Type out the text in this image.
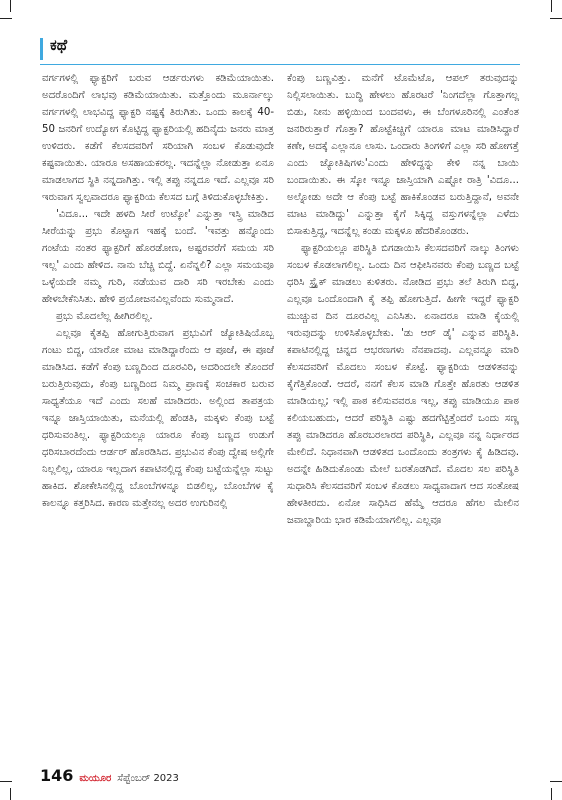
ಕಥೆ

ವರ್ಗಗಳಲ್ಲಿ ಫ್ಯಾಕ್ಟರಿಗೆ ಬರುವ ಆರ್ಡರುಗಳು ಕಡಿಮೆಯಾಯಿತು. ಅದರೊಂದಿಗೆ ಲಾಭವು ಕಡಿಮೆಯಾಯಿತು. ಮತ್ತೊಂದು ಮೂರ್ನಾಲ್ಕು ವರ್ಗಗಳಲ್ಲಿ ಲಾಭವಿದ್ದ ಫ್ಯಾಕ್ಟರಿ ನಷ್ಟಕ್ಕೆ ತಿರುಗಿತು. ಒಂದು ಕಾಲಕ್ಕೆ 40-50 ಜನರಿಗೆ ಉದ್ಯೋಗ ಕೊಟ್ಟಿದ್ದ ಫ್ಯಾಕ್ಟರಿಯಲ್ಲಿ ಹದಿನೈದು ಜನರು ಮಾತ್ರ ಉಳಿದರು. ಕಡೆಗೆ ಕೆಲಸದವರಿಗೆ ಸರಿಯಾಗಿ ಸಂಬಳ ಕೊಡುವುದೇ ಕಷ್ಟವಾಯಿತು. ಯಾರೂ ಅಸಹಾಯಕರಲ್ಲ. ಇದನ್ನೆಲ್ಲಾ ನೋಡುತ್ತಾ ಏನೂ ಮಾಡಲಾಗದ ಸ್ಥಿತಿ ನನ್ನದಾಗಿತ್ತು. ಇಲ್ಲಿ ತಪ್ಪು ನನ್ನದೂ ಇದೆ. ಎಲ್ಲವೂ ಸರಿ ಇರುವಾಗ ಸ್ವಲ್ಪವಾದರೂ ಫ್ಯಾಕ್ಟರಿಯ ಕೆಲಸದ ಬಗ್ಗೆ ತಿಳಿದುಕೊಳ್ಳಬೇಕಿತ್ತು.

'ವಿದೂ... ಇದೇ ಹಳದಿ ಸೀರೆ ಉಟ್ಕೋ' ಎನ್ನುತ್ತಾ ಇಸ್ತ್ರಿ ಮಾಡಿದ ಸೀರೆಯನ್ನು ಪ್ರಭು ಕೊಟ್ಟಾಗ ಇಹಕ್ಕೆ ಬಂದೆ. 'ಇವತ್ತು ಹನ್ನೊಂದು ಗಂಟೆಯ ನಂತರ ಫ್ಯಾಕ್ಟರಿಗೆ ಹೊರಡೋಣ, ಅಷ್ಟರವರೆಗೆ ಸಮಯ ಸರಿ ಇಲ್ಲ' ಎಂದು ಹೇಳಿದ. ನಾನು ಬೆಚ್ಚಿ ಬಿದ್ದೆ. ಏನೆನ್ನಲಿ? ಎಲ್ಲಾ ಸಮಯವೂ ಒಳ್ಳೆಯದೇ ನಮ್ಮ ಗುರಿ, ನಡೆಯುವ ದಾರಿ ಸರಿ ಇರಬೇಕು ಎಂದು ಹೇಳಬೇಕೆನಿಸಿತು. ಹೇಳಿ ಪ್ರಯೋಜನವಿಲ್ಲವೆಂದು ಸುಮ್ಮನಾದೆ.

ಪ್ರಭು ಮೊದಲೆಲ್ಲ ಹೀಗಿರಲಿಲ್ಲ.

ಎಲ್ಲವೂ ಕೈತಪ್ಪಿ ಹೋಗುತ್ತಿರುವಾಗ ಪ್ರಭುವಿಗೆ ಜ್ಯೋತಿಷಿಯೊಬ್ಬ ಗಂಟು ಬಿದ್ದ, ಯಾರೋ ಮಾಟ ಮಾಡಿದ್ದಾರೆಂದು ಆ ಪೂಜೆ, ಈ ಪೂಜೆ ಮಾಡಿಸಿದ. ಕಡೆಗೆ ಕೆಂಪು ಬಣ್ಣದಿಂದ ದೂರವಿರಿ, ಅದರಿಂದಲೇ ತೊಂದರೆ ಬರುತ್ತಿರುವುದು, ಕೆಂಪು ಬಣ್ಣದಿಂದ ನಿಮ್ಮ ಪ್ರಾಣಕ್ಕೆ ಸಂಚಕಾರ ಬರುವ ಸಾಧ್ಯತೆಯೂ ಇದೆ ಎಂದು ಸಲಹೆ ಮಾಡಿದರು. ಅಲ್ಲಿಂದ ತಾಪತ್ರಯ ಇನ್ನೂ ಜಾಸ್ತಿಯಾಯಿತು, ಮನೆಯಲ್ಲಿ ಹೆಂಡತಿ, ಮಕ್ಕಳು ಕೆಂಪು ಬಟ್ಟೆ ಧರಿಸುವಂತಿಲ್ಲ. ಫ್ಯಾಕ್ಟರಿಯಲ್ಲೂ ಯಾರೂ ಕೆಂಪು ಬಣ್ಣದ ಉಡುಗೆ ಧರಿಸಬಾರದೆಂದು ಆರ್ಡರ್ ಹೊರಡಿಸಿದ. ಪ್ರಭುವಿನ ಕೆಂಪು ದ್ವೇಷ ಅಲ್ಲಿಗೇ ನಿಲ್ಲಲಿಲ್ಲ, ಯಾರೂ ಇಲ್ಲದಾಗ ಕಪಾಟಿನಲ್ಲಿದ್ದ ಕೆಂಪು ಬಟ್ಟೆಯನ್ನೆಲ್ಲಾ ಸುಟ್ಟು ಹಾಕಿದ. ಶೋಕೇಸಿನಲ್ಲಿದ್ದ ಬೊಂಬೆಗಳನ್ನೂ ಬಿಡಲಿಲ್ಲ, ಬೊಂಬೆಗಳ ಕೈ ಕಾಲನ್ನೂ ಕತ್ತರಿಸಿದ. ಕಾರಣ ಮತ್ತೇನಲ್ಲ ಅದರ ಉಗುರಿನಲ್ಲಿ

ಕೆಂಪು ಬಣ್ಣವಿತ್ತು. ಮನೆಗೆ ಟೊಮೆಟೊ, ಆಪಲ್ ತರುವುದನ್ನು ನಿಲ್ಲಿಸಲಾಯಿತು. ಬುದ್ಧಿ ಹೇಳಲು ಹೊರಟರೆ 'ನಿಂಗದೆಲ್ಲಾ ಗೊತ್ತಾಗಲ್ಲ ಬಿಡು, ನೀನು ಹಳ್ಳಿಯಿಂದ ಬಂದವಳು, ಈ ಬೆಂಗಳೂರಿನಲ್ಲಿ ಎಂತೆಂತ ಜನರಿರುತ್ತಾರೆ ಗೊತ್ತಾ? ಹೊಟ್ಟೆಕಿಚ್ಚಿಗೆ ಯಾರೂ ಮಾಟ ಮಾಡಿಸಿದ್ದಾರೆ ಕಣೇ, ಅದಕ್ಕೆ ಎಲ್ಲಾನೂ ಲಾಸು. ಒಂದಾರು ತಿಂಗಳಿಗೆ ಎಲ್ಲಾ ಸರಿ ಹೋಗತ್ತೆ ಎಂದು ಜ್ಯೋತಿಷಿಗಳು'ಎಂದು ಹೇಳಿದ್ದನ್ನು ಕೇಳಿ ನನ್ನ ಬಾಯಿ ಬಂದಾಯಿತು. ಈ ಸ್ಕೋ ಇನ್ನೂ ಜಾಸ್ತಿಯಾಗಿ ಎಷ್ಟೋ ರಾತ್ರಿ 'ವಿದೂ... ಅಲ್ನೋಡು ಅದೇ ಆ ಕೆಂಪು ಬಟ್ಟೆ ಹಾಕಿಕೊಂಡವ ಬರುತ್ತಿದ್ದಾನೆ, ಅವನೇ ಮಾಟ ಮಾಡಿದ್ದು' ಎನ್ನುತ್ತಾ ಕೈಗೆ ಸಿಕ್ಕಿದ್ದ ವಸ್ತುಗಳನ್ನೆಲ್ಲಾ ಎಳೆದು ಬಿಸಾಕುತ್ತಿದ್ದ, ಇದನ್ನೆಲ್ಲ ಕಂಡು ಮಕ್ಕಳೂ ಹೆದರಿಕೊಂಡರು.

ಫ್ಯಾಕ್ಟರಿಯಲ್ಲೂ ಪರಿಸ್ಥಿತಿ ಬಿಗಡಾಯಿಸಿ ಕೆಲಸದವರಿಗೆ ನಾಲ್ಕು ತಿಂಗಳು ಸಂಬಳ ಕೊಡಲಾಗಲಿಲ್ಲ. ಒಂದು ದಿನ ಆಫೀಸಿನವರು ಕೆಂಪು ಬಣ್ಣದ ಬಟ್ಟೆ ಧರಿಸಿ ಸ್ಟ್ರೈಕ್ ಮಾಡಲು ಕುಳಿತರು. ನೋಡಿದ ಪ್ರಭು ತಲೆ ತಿರುಗಿ ಬಿದ್ದ, ಎಲ್ಲವೂ ಒಂದೊಂದಾಗಿ ಕೈ ತಪ್ಪಿ ಹೋಗುತ್ತಿದೆ. ಹೀಗೇ ಇದ್ದರೆ ಫ್ಯಾಕ್ಟರಿ ಮುಚ್ಚುವ ದಿನ ದೂರವಿಲ್ಲ ಎನಿಸಿತು. ಏನಾದರೂ ಮಾಡಿ ಕೈಯಲ್ಲಿ ಇರುವುದನ್ನು ಉಳಿಸಿಕೊಳ್ಳಬೇಕು. 'ಡು ಆರ್ ಡೈ' ಎನ್ನುವ ಪರಿಸ್ಥಿತಿ. ಕಪಾಟಿನಲ್ಲಿದ್ದ ಚಿನ್ನದ ಆಭರಣಗಳು ನೆನಪಾದವು. ಎಲ್ಲವನ್ನೂ ಮಾರಿ ಕೆಲಸದವರಿಗೆ ಮೊದಲು ಸಂಬಳ ಕೊಟ್ಟೆ. ಫ್ಯಾಕ್ಟರಿಯ ಆಡಳಿತವನ್ನು ಕೈಗೆತ್ತಿಕೊಂಡೆ. ಆದರೆ, ನನಗೆ ಕೆಲಸ ಮಾಡಿ ಗೊತ್ತೇ ಹೊರತು ಆಡಳಿತ ಮಾಡಿಯಲ್ಲ; ಇಲ್ಲಿ ಪಾಠ ಕಲಿಸುವವರೂ ಇಲ್ಲ, ತಪ್ಪು ಮಾಡಿಯೂ ಪಾಠ ಕಲಿಯಬಹುದು, ಆದರೆ ಪರಿಸ್ಥಿತಿ ಎಷ್ಟು ಹದಗೆಟ್ಟಿತ್ತೆಂದರೆ ಒಂದು ಸಣ್ಣ ತಪ್ಪು ಮಾಡಿದರೂ ಹೊರಬರಲಾರದ ಪರಿಸ್ಥಿತಿ, ಎಲ್ಲವೂ ನನ್ನ ನಿರ್ಧಾರದ ಮೇಲಿದೆ. ನಿಧಾನವಾಗಿ ಆಡಳಿತದ ಒಂದೊಂದು ತಂತ್ರಗಳು ಕೈ ಹಿಡಿದವು. ಅದನ್ನೇ ಹಿಡಿದುಕೊಂಡು ಮೇಲೆ ಬರತೊಡಗಿದೆ. ಮೊದಲ ಸಲ ಪರಿಸ್ಥಿತಿ ಸುಧಾರಿಸಿ ಕೆಲಸದವರಿಗೆ ಸಂಬಳ ಕೊಡಲು ಸಾಧ್ಯವಾದಾಗ ಆದ ಸಂತೋಷ ಹೇಳತೀರದು. ಏನೋ ಸಾಧಿಸಿದ ಹೆಮ್ಮೆ ಆದರೂ ಹೆಗಲ ಮೇಲಿನ ಜವಾಬ್ದಾರಿಯ ಭಾರ ಕಡಿಮೆಯಾಗಲಿಲ್ಲ. ಎಲ್ಲವೂ

146 ಮಯೂರ ಸೆಪ್ಟೆಂಬರ್ 2023
